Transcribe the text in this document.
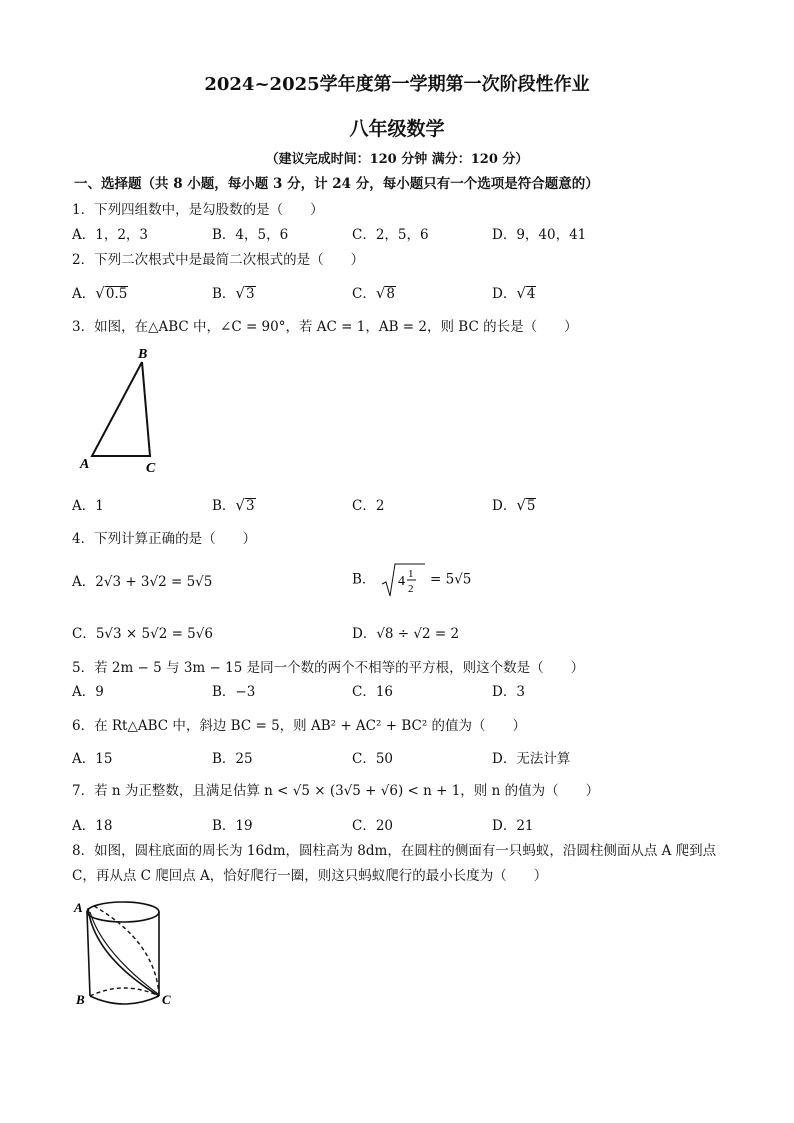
2024~2025学年度第一学期第一次阶段性作业
八年级数学
（建议完成时间：120 分钟 满分：120 分）
一、选择题（共 8 小题，每小题 3 分，计 24 分，每小题只有一个选项是符合题意的）
1．下列四组数中，是勾股数的是（　　）
A．1，2，3	B．4，5，6	C．2，5，6	D．9，40，41
2．下列二次根式中是最简二次根式的是（　　）
A．√0.5	B．√3	C．√8	D．√4
3．如图，在△ABC 中，∠C = 90°，若 AC = 1，AB = 2，则 BC 的长是（　　）
B
A	C
A．1	B．√3	C．2	D．√5
4．下列计算正确的是（　　）
A．2√3 + 3√2 = 5√5	B． 4 1
2
= 5√5
C．5√3 × 5√2 = 5√6	D．√8 ÷ √2 = 2
5．若 2m − 5 与 3m − 15 是同一个数的两个不相等的平方根，则这个数是（　　）
A．9	B．−3	C．16	D．3
6．在 Rt△ABC 中，斜边 BC = 5，则 AB² + AC² + BC² 的值为（　　）
A．15	B．25	C．50	D．无法计算
7．若 n 为正整数，且满足估算 n < √5 × (3√5 + √6) < n + 1，则 n 的值为（　　）
A．18	B．19	C．20	D．21
8．如图，圆柱底面的周长为 16dm，圆柱高为 8dm，在圆柱的侧面有一只蚂蚁，沿圆柱侧面从点 A 爬到点
C，再从点 C 爬回点 A，恰好爬行一圈，则这只蚂蚁爬行的最小长度为（　　）
A
B	C
